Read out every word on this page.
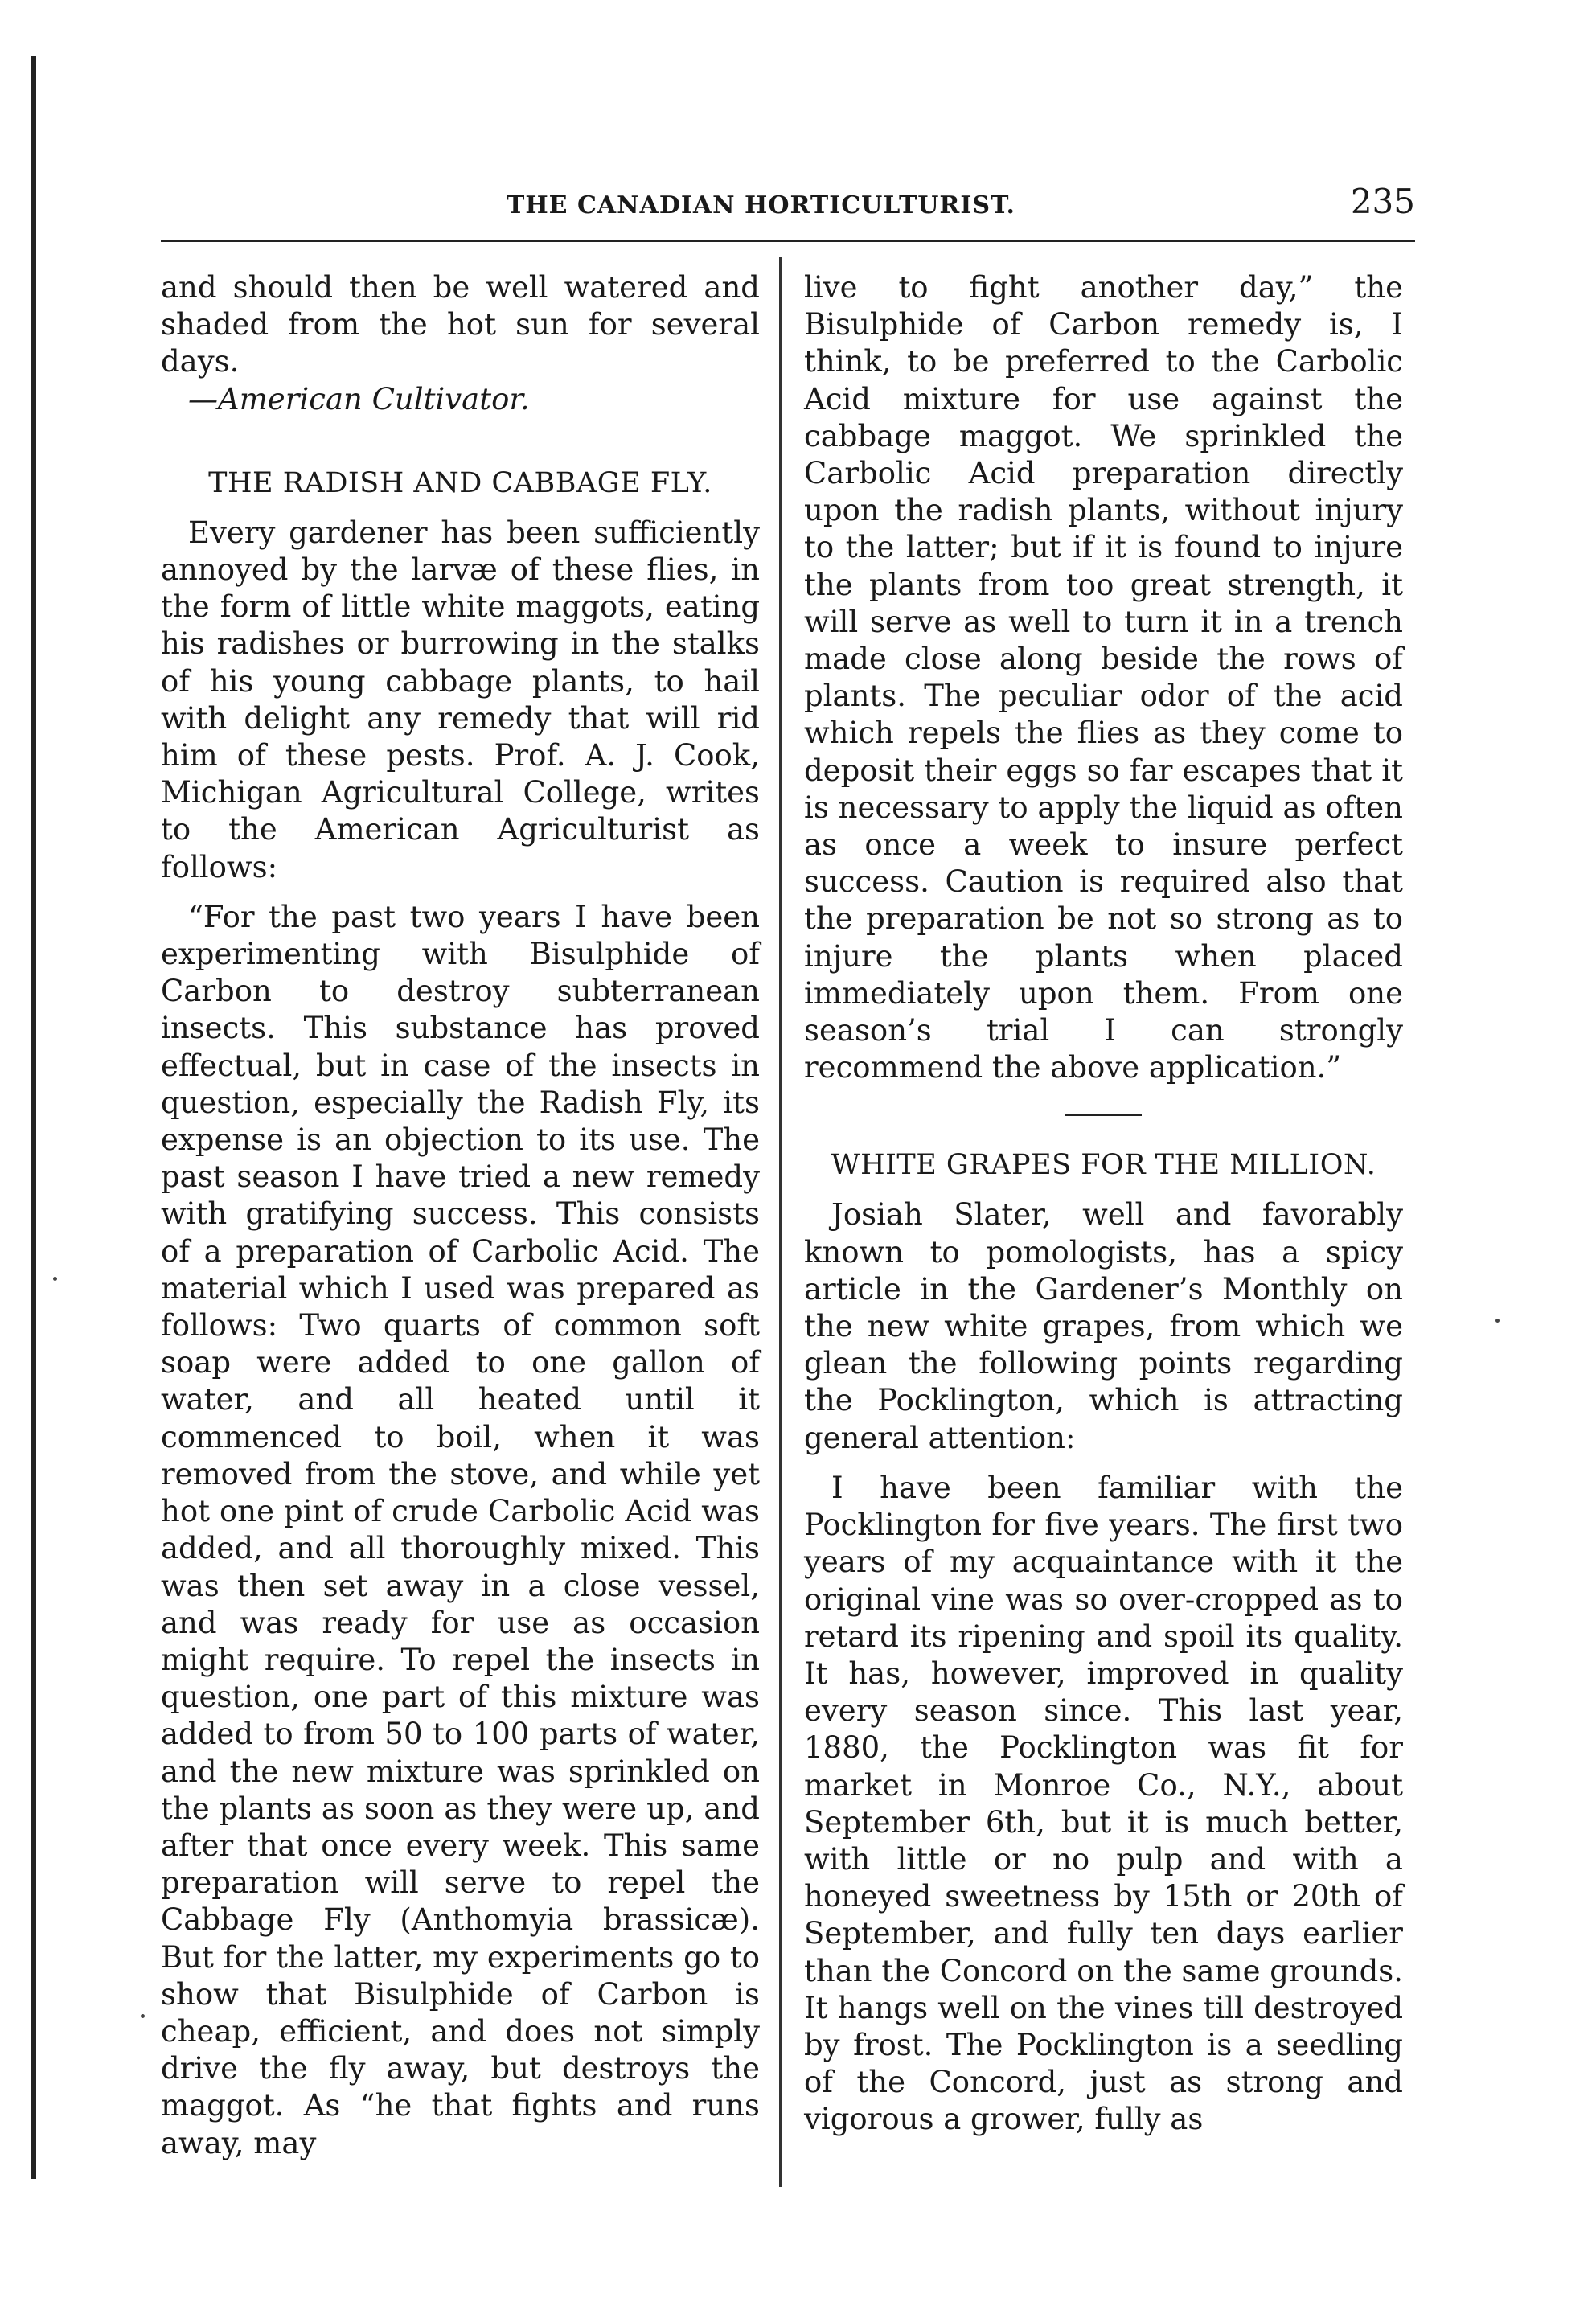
THE CANADIAN HORTICULTURIST.	235

and should then be well watered and shaded from the hot sun for several days.

—American Cultivator.

THE RADISH AND CABBAGE FLY.

Every gardener has been sufficiently annoyed by the larvæ of these flies, in the form of little white maggots, eating his radishes or burrowing in the stalks of his young cabbage plants, to hail with delight any remedy that will rid him of these pests. Prof. A. J. Cook, Michigan Agricultural College, writes to the American Agriculturist as follows:

“For the past two years I have been experimenting with Bisulphide of Carbon to destroy subterranean insects. This substance has proved effectual, but in case of the insects in question, especially the Radish Fly, its expense is an objection to its use. The past season I have tried a new remedy with gratifying success. This consists of a preparation of Carbolic Acid. The material which I used was prepared as follows: Two quarts of common soft soap were added to one gallon of water, and all heated until it commenced to boil, when it was removed from the stove, and while yet hot one pint of crude Carbolic Acid was added, and all thoroughly mixed. This was then set away in a close vessel, and was ready for use as occasion might require. To repel the insects in question, one part of this mixture was added to from 50 to 100 parts of water, and the new mixture was sprinkled on the plants as soon as they were up, and after that once every week. This same preparation will serve to repel the Cabbage Fly (Anthomyia brassicæ). But for the latter, my experiments go to show that Bisulphide of Carbon is cheap, efficient, and does not simply drive the fly away, but destroys the maggot. As “he that fights and runs away, may

live to fight another day,” the Bisulphide of Carbon remedy is, I think, to be preferred to the Carbolic Acid mixture for use against the cabbage maggot. We sprinkled the Carbolic Acid preparation directly upon the radish plants, without injury to the latter; but if it is found to injure the plants from too great strength, it will serve as well to turn it in a trench made close along beside the rows of plants. The peculiar odor of the acid which repels the flies as they come to deposit their eggs so far escapes that it is necessary to apply the liquid as often as once a week to insure perfect success. Caution is required also that the preparation be not so strong as to injure the plants when placed immediately upon them. From one season’s trial I can strongly recommend the above application.”

WHITE GRAPES FOR THE MILLION.

Josiah Slater, well and favorably known to pomologists, has a spicy article in the Gardener’s Monthly on the new white grapes, from which we glean the following points regarding the Pocklington, which is attracting general attention:

I have been familiar with the Pocklington for five years. The first two years of my acquaintance with it the original vine was so over-cropped as to retard its ripening and spoil its quality. It has, however, improved in quality every season since. This last year, 1880, the Pocklington was fit for market in Monroe Co., N.Y., about September 6th, but it is much better, with little or no pulp and with a honeyed sweetness by 15th or 20th of September, and fully ten days earlier than the Concord on the same grounds. It hangs well on the vines till destroyed by frost. The Pocklington is a seedling of the Concord, just as strong and vigorous a grower, fully as
